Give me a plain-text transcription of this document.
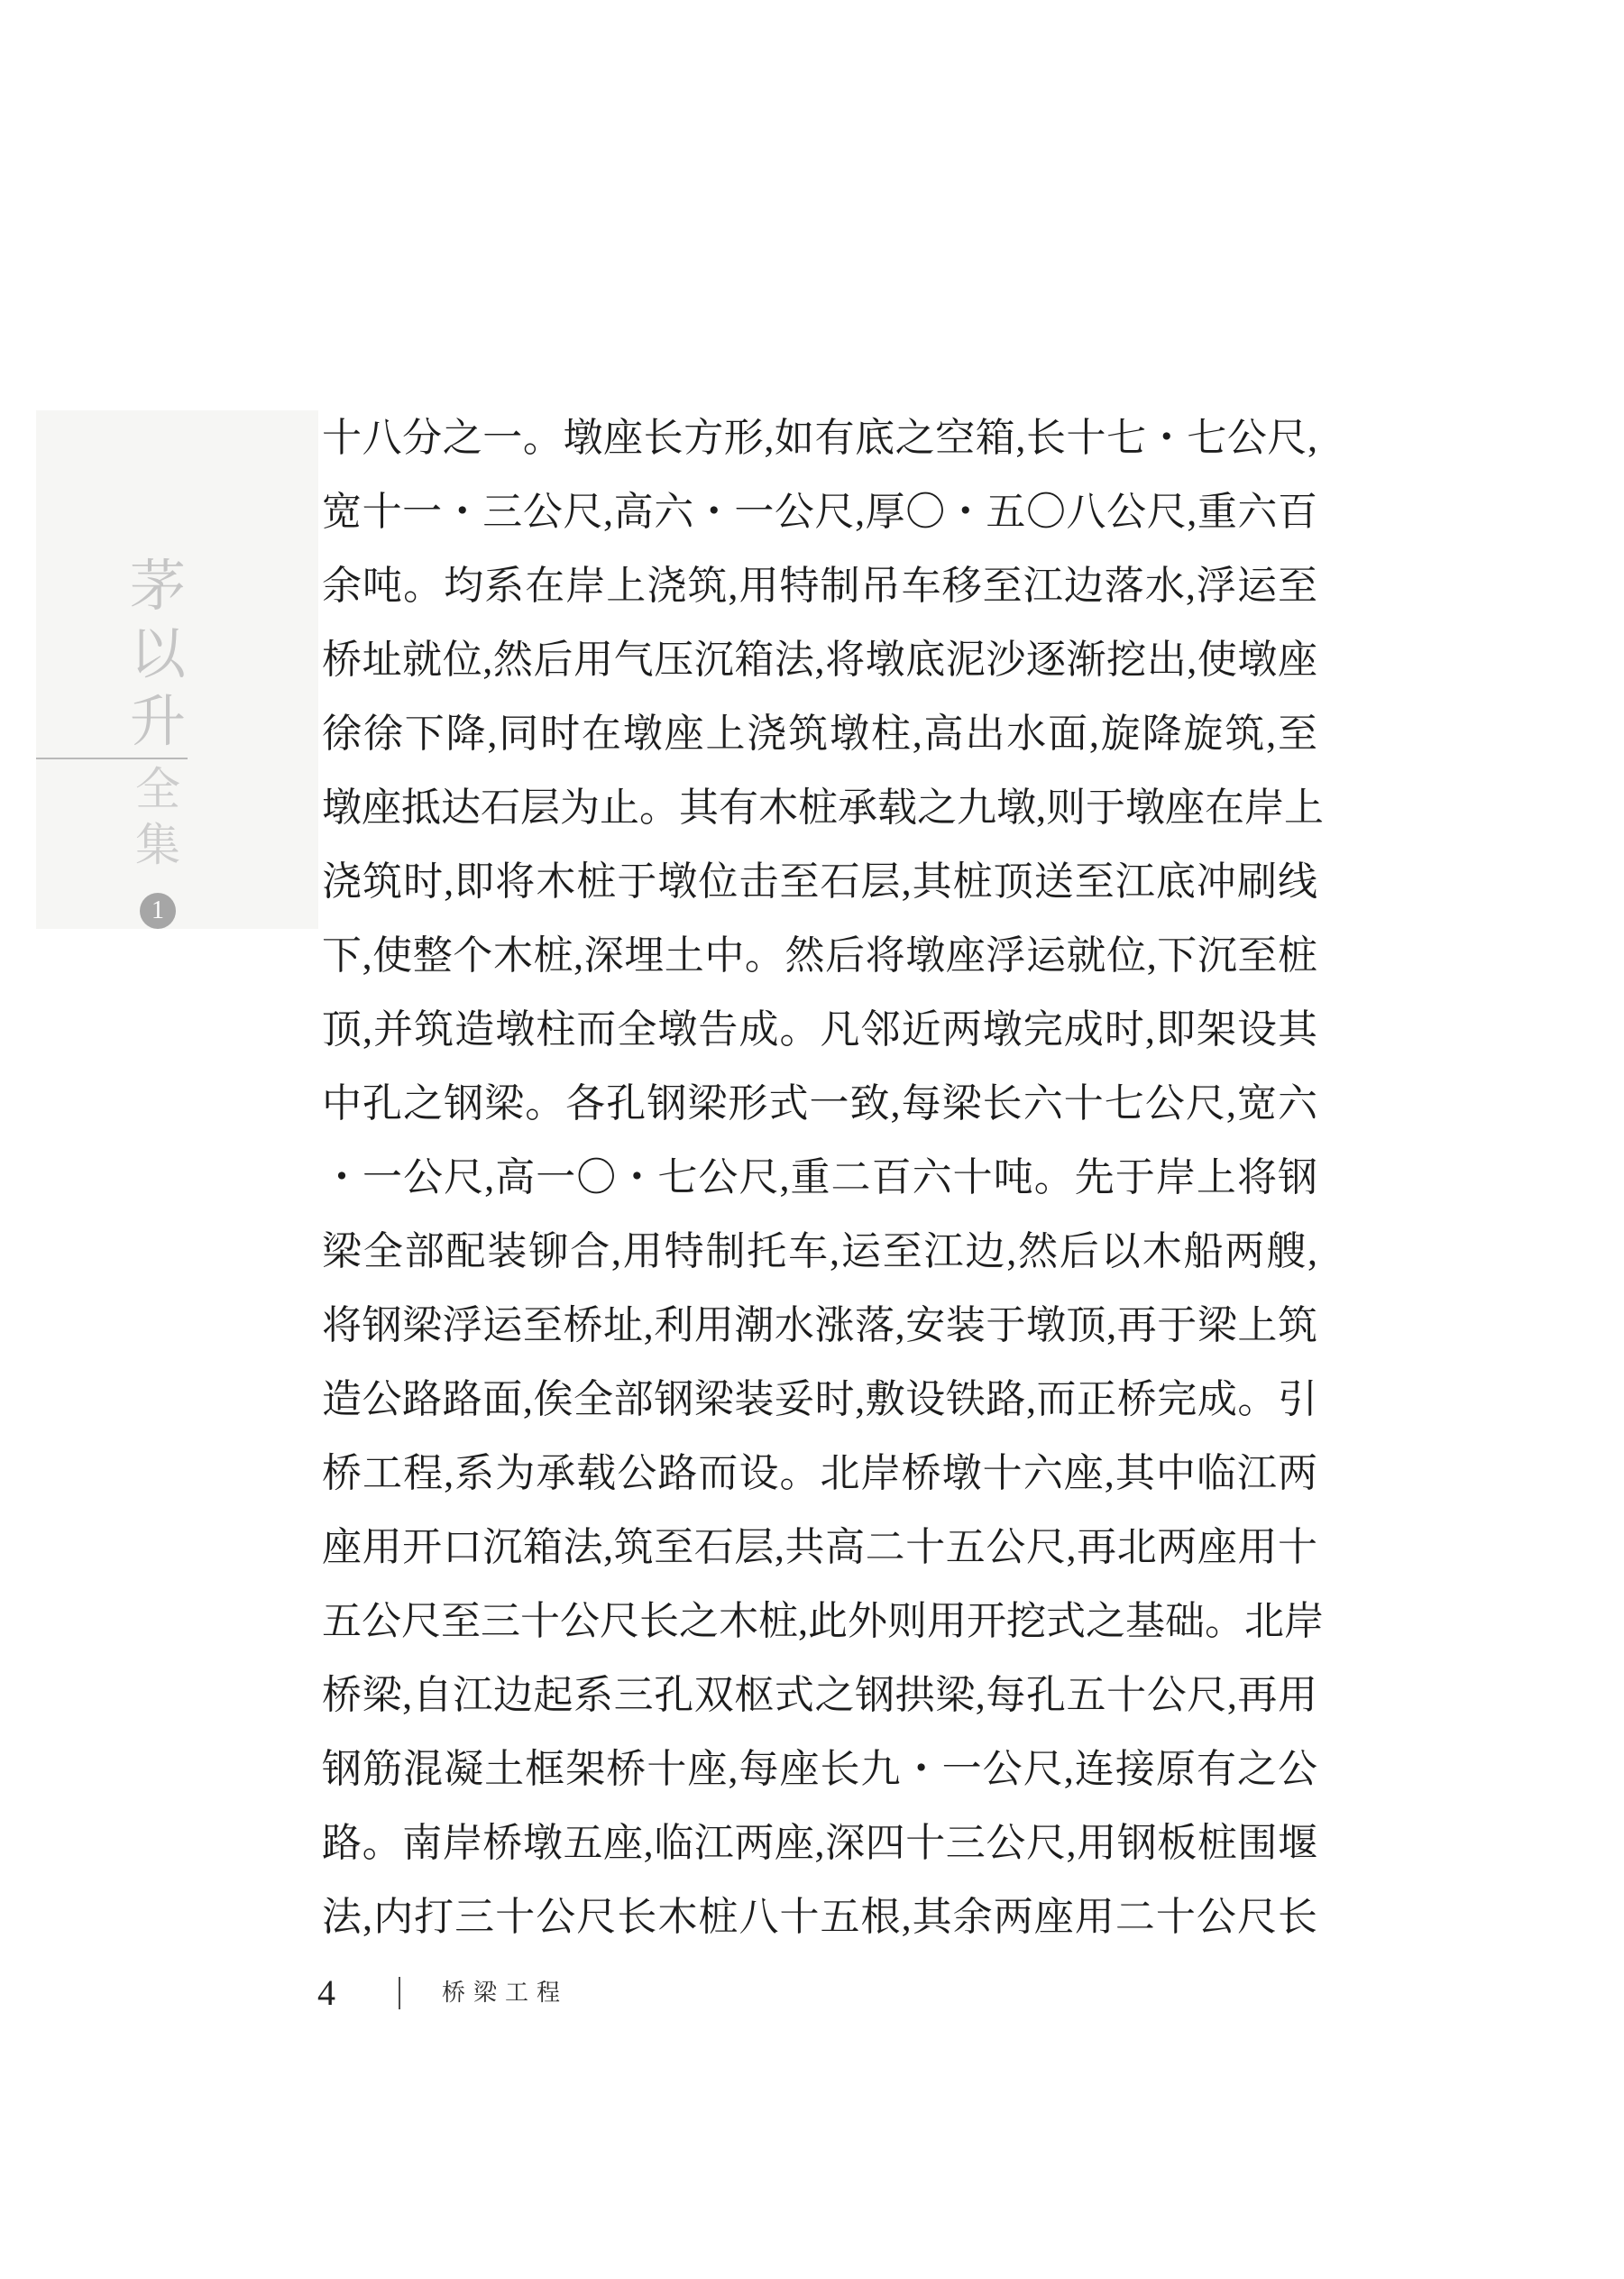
茅
以
升
全
集
1
十八分之一。墩座长方形,如有底之空箱,长十七・七公尺,
宽十一・三公尺,高六・一公尺,厚〇・五〇八公尺,重六百
余吨。均系在岸上浇筑,用特制吊车移至江边落水,浮运至
桥址就位,然后用气压沉箱法,将墩底泥沙逐渐挖出,使墩座
徐徐下降,同时在墩座上浇筑墩柱,高出水面,旋降旋筑,至
墩座抵达石层为止。其有木桩承载之九墩,则于墩座在岸上
浇筑时,即将木桩于墩位击至石层,其桩顶送至江底冲刷线
下,使整个木桩,深埋土中。然后将墩座浮运就位,下沉至桩
顶,并筑造墩柱而全墩告成。凡邻近两墩完成时,即架设其
中孔之钢梁。各孔钢梁形式一致,每梁长六十七公尺,宽六
・一公尺,高一〇・七公尺,重二百六十吨。先于岸上将钢
梁全部配装铆合,用特制托车,运至江边,然后以木船两艘,
将钢梁浮运至桥址,利用潮水涨落,安装于墩顶,再于梁上筑
造公路路面,俟全部钢梁装妥时,敷设铁路,而正桥完成。引
桥工程,系为承载公路而设。北岸桥墩十六座,其中临江两
座用开口沉箱法,筑至石层,共高二十五公尺,再北两座用十
五公尺至三十公尺长之木桩,此外则用开挖式之基础。北岸
桥梁,自江边起系三孔双枢式之钢拱梁,每孔五十公尺,再用
钢筋混凝土框架桥十座,每座长九・一公尺,连接原有之公
路。南岸桥墩五座,临江两座,深四十三公尺,用钢板桩围堰
法,内打三十公尺长木桩八十五根,其余两座用二十公尺长
4	桥梁工程
